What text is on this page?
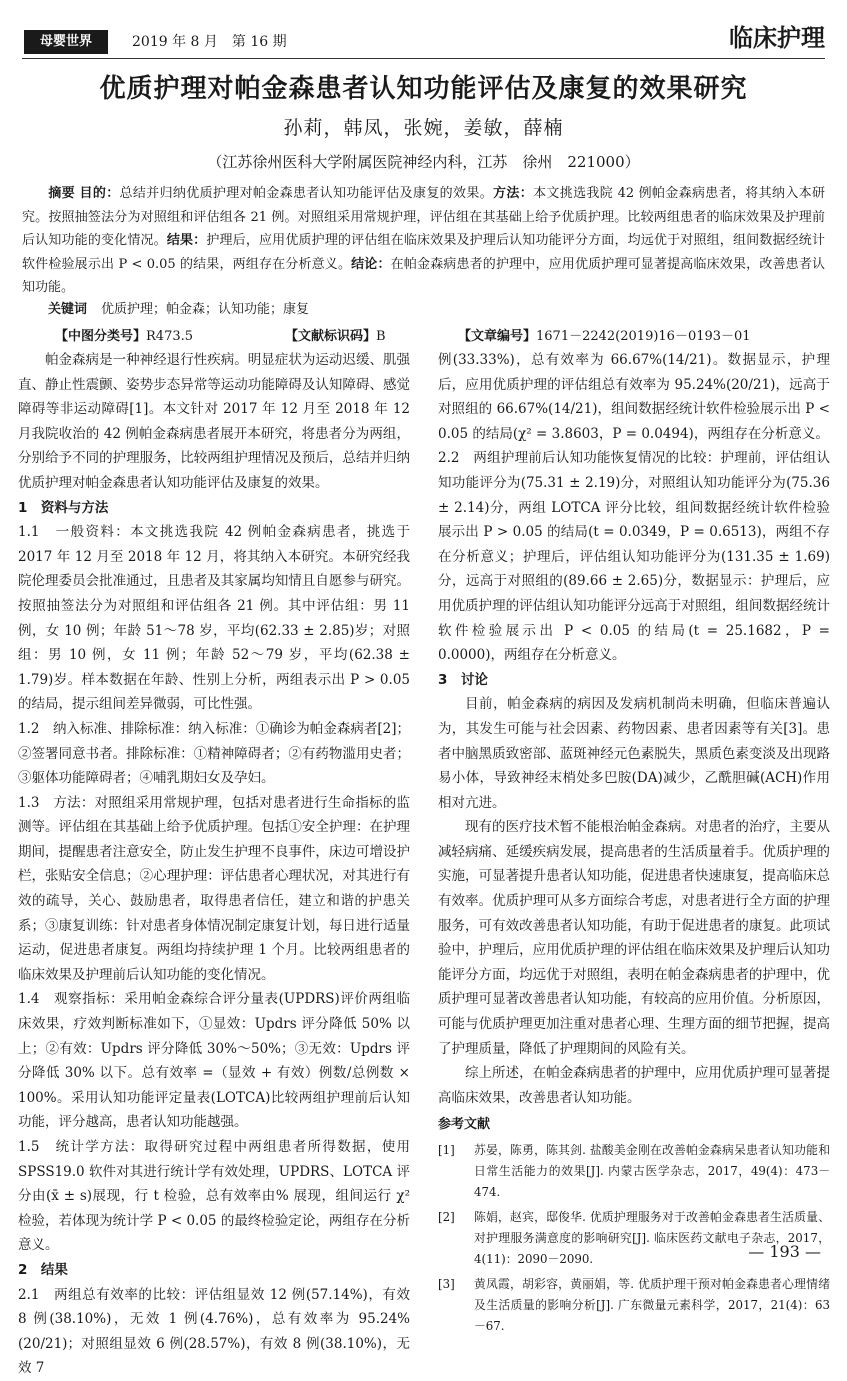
母婴世界	2019 年 8 月　第 16 期	临床护理
优质护理对帕金森患者认知功能评估及康复的效果研究
孙莉，韩凤，张婉，姜敏，薛楠
（江苏徐州医科大学附属医院神经内科，江苏　徐州　221000）
摘要 目的：总结并归纳优质护理对帕金森患者认知功能评估及康复的效果。方法：本文挑选我院 42 例帕金森病患者，将其纳入本研究。按照抽签法分为对照组和评估组各 21 例。对照组采用常规护理，评估组在其基础上给予优质护理。比较两组患者的临床效果及护理前后认知功能的变化情况。结果：护理后，应用优质护理的评估组在临床效果及护理后认知功能评分方面，均远优于对照组，组间数据经统计软件检验展示出 P < 0.05 的结果，两组存在分析意义。结论：在帕金森病患者的护理中，应用优质护理可显著提高临床效果，改善患者认知功能。
关键词 优质护理；帕金森；认知功能；康复
【中图分类号】R473.5	【文献标识码】B	【文章编号】1671－2242(2019)16－0193－01

帕金森病是一种神经退行性疾病。明显症状为运动迟缓、肌强直、静止性震颤、姿势步态异常等运动功能障碍及认知障碍、感觉障碍等非运动障碍[1]。本文针对 2017 年 12 月至 2018 年 12 月我院收治的 42 例帕金森病患者展开本研究，将患者分为两组，分别给予不同的护理服务，比较两组护理情况及预后，总结并归纳优质护理对帕金森患者认知功能评估及康复的效果。

1　资料与方法

1.1　一般资料：本文挑选我院 42 例帕金森病患者，挑选于 2017 年 12 月至 2018 年 12 月，将其纳入本研究。本研究经我院伦理委员会批准通过，且患者及其家属均知情且自愿参与研究。按照抽签法分为对照组和评估组各 21 例。其中评估组：男 11 例，女 10 例；年龄 51～78 岁，平均(62.33 ± 2.85)岁；对照组：男 10 例，女 11 例；年龄 52～79 岁，平均(62.38 ± 1.79)岁。样本数据在年龄、性别上分析，两组表示出 P > 0.05 的结局，提示组间差异微弱，可比性强。

1.2　纳入标准、排除标准：纳入标准：①确诊为帕金森病者[2]；②签署同意书者。排除标准：①精神障碍者；②有药物滥用史者；③躯体功能障碍者；④哺乳期妇女及孕妇。

1.3　方法：对照组采用常规护理，包括对患者进行生命指标的监测等。评估组在其基础上给予优质护理。包括①安全护理：在护理期间，提醒患者注意安全，防止发生护理不良事件，床边可增设护栏，张贴安全信息；②心理护理：评估患者心理状况，对其进行有效的疏导，关心、鼓励患者，取得患者信任，建立和谐的护患关系；③康复训练：针对患者身体情况制定康复计划，每日进行适量运动，促进患者康复。两组均持续护理 1 个月。比较两组患者的临床效果及护理前后认知功能的变化情况。

1.4　观察指标：采用帕金森综合评分量表(UPDRS)评价两组临床效果，疗效判断标准如下，①显效：Updrs 评分降低 50% 以上；②有效：Updrs 评分降低 30%～50%；③无效：Updrs 评分降低 30% 以下。总有效率 =（显效 + 有效）例数/总例数 × 100%。采用认知功能评定量表(LOTCA)比较两组护理前后认知功能，评分越高，患者认知功能越强。

1.5　统计学方法：取得研究过程中两组患者所得数据，使用 SPSS19.0 软件对其进行统计学有效处理，UPDRS、LOTCA 评分由(x̄ ± s)展现，行 t 检验，总有效率由% 展现，组间运行 χ² 检验，若体现为统计学 P < 0.05 的最终检验定论，两组存在分析意义。

2　结果

2.1　两组总有效率的比较：评估组显效 12 例(57.14%)，有效 8 例(38.10%)，无效 1 例(4.76%)，总有效率为 95.24%(20/21)；对照组显效 6 例(28.57%)，有效 8 例(38.10%)，无效 7

例(33.33%)，总有效率为 66.67%(14/21)。数据显示，护理后，应用优质护理的评估组总有效率为 95.24%(20/21)，远高于对照组的 66.67%(14/21)，组间数据经统计软件检验展示出 P < 0.05 的结局(χ² = 3.8603，P = 0.0494)，两组存在分析意义。

2.2　两组护理前后认知功能恢复情况的比较：护理前，评估组认知功能评分为(75.31 ± 2.19)分，对照组认知功能评分为(75.36 ± 2.14)分，两组 LOTCA 评分比较，组间数据经统计软件检验展示出 P > 0.05 的结局(t = 0.0349，P = 0.6513)，两组不存在分析意义；护理后，评估组认知功能评分为(131.35 ± 1.69)分，远高于对照组的(89.66 ± 2.65)分，数据显示：护理后，应用优质护理的评估组认知功能评分远高于对照组，组间数据经统计软件检验展示出 P < 0.05 的结局(t = 25.1682，P = 0.0000)，两组存在分析意义。

3　讨论

目前，帕金森病的病因及发病机制尚未明确，但临床普遍认为，其发生可能与社会因素、药物因素、患者因素等有关[3]。患者中脑黑质致密部、蓝斑神经元色素脱失，黑质色素变淡及出现路易小体，导致神经末梢处多巴胺(DA)减少，乙酰胆碱(ACH)作用相对亢进。

现有的医疗技术暂不能根治帕金森病。对患者的治疗，主要从减轻病痛、延缓疾病发展，提高患者的生活质量着手。优质护理的实施，可显著提升患者认知功能，促进患者快速康复，提高临床总有效率。优质护理可从多方面综合考虑，对患者进行全方面的护理服务，可有效改善患者认知功能，有助于促进患者的康复。此项试验中，护理后，应用优质护理的评估组在临床效果及护理后认知功能评分方面，均远优于对照组，表明在帕金森病患者的护理中，优质护理可显著改善患者认知功能，有较高的应用价值。分析原因，可能与优质护理更加注重对患者心理、生理方面的细节把握，提高了护理质量，降低了护理期间的风险有关。

综上所述，在帕金森病患者的护理中，应用优质护理可显著提高临床效果，改善患者认知功能。

参考文献
[1]	苏晏，陈勇，陈其剑. 盐酸美金刚在改善帕金森病呆患者认知功能和日常生活能力的效果[J]. 内蒙古医学杂志，2017，49(4)：473－474.
[2]	陈娟，赵宾，邸俊华. 优质护理服务对于改善帕金森患者生活质量、对护理服务满意度的影响研究[J]. 临床医药文献电子杂志，2017，4(11)：2090－2090.
[3]	黄凤霞，胡彩容，黄丽娟，等. 优质护理干预对帕金森患者心理情绪及生活质量的影响分析[J]. 广东微量元素科学，2017，21(4)：63－67.
— 193 —
